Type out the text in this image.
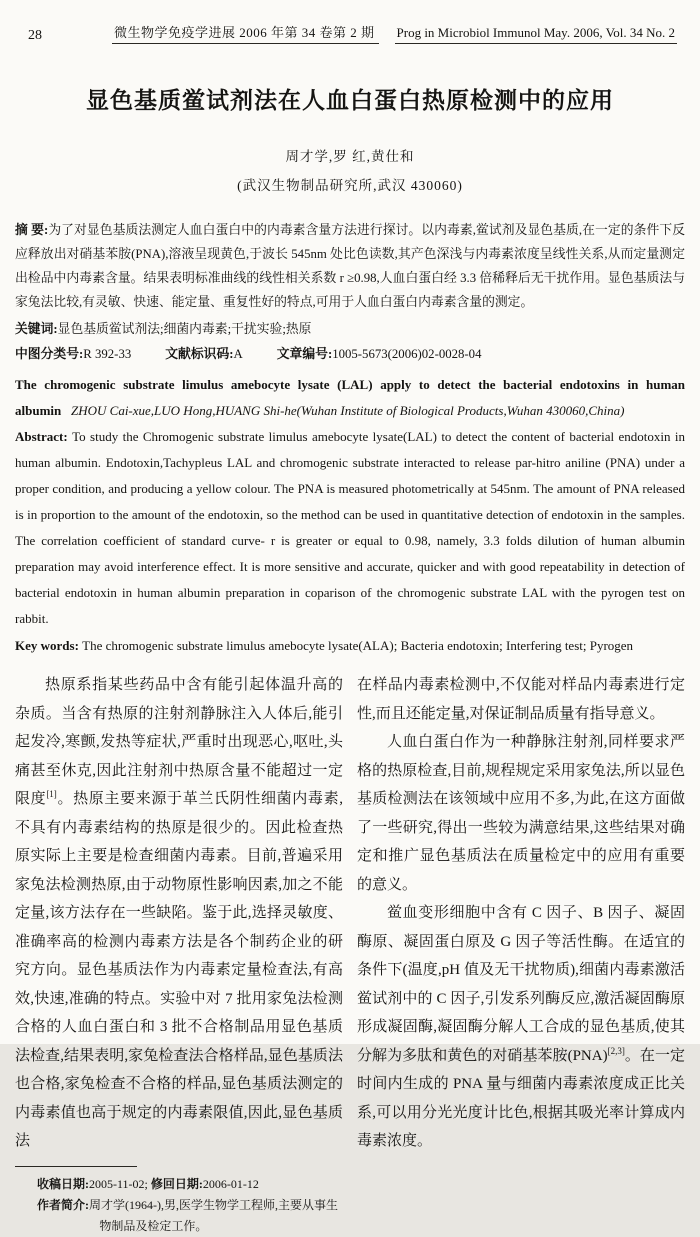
28	微生物学免疫学进展 2006 年第 34 卷第 2 期	Prog in Microbiol Immunol May. 2006, Vol. 34 No. 2
显色基质鲎试剂法在人血白蛋白热原检测中的应用

周才学,罗 红,黄仕和

(武汉生物制品研究所,武汉 430060)

摘 要:为了对显色基质法测定人血白蛋白中的内毒素含量方法进行探讨。以内毒素,鲎试剂及显色基质,在一定的条件下反应释放出对硝基苯胺(PNA),溶液呈现黄色,于波长 545nm 处比色读数,其产色深浅与内毒素浓度呈线性关系,从而定量测定出检品中内毒素含量。结果表明标准曲线的线性相关系数 r ≥0.98,人血白蛋白经 3.3 倍稀释后无干扰作用。显色基质法与家兔法比较,有灵敏、快速、能定量、重复性好的特点,可用于人血白蛋白内毒素含量的测定。

关键词:显色基质鲎试剂法;细菌内毒素;干扰实验;热原

中图分类号:R 392-33	文献标识码:A	文章编号:1005-5673(2006)02-0028-04

The chromogenic substrate limulus amebocyte lysate (LAL) apply to detect the bacterial endotoxins in human albumin ZHOU Cai-xue,LUO Hong,HUANG Shi-he(Wuhan Institute of Biological Products,Wuhan 430060,China)

Abstract: To study the Chromogenic substrate limulus amebocyte lysate(LAL) to detect the content of bacterial endotoxin in human albumin. Endotoxin,Tachypleus LAL and chromogenic substrate interacted to release par-hitro aniline (PNA) under a proper condition, and producing a yellow colour. The PNA is measured photometrically at 545nm. The amount of PNA released is in proportion to the amount of the endotoxin, so the method can be used in quantitative detection of endotoxin in the samples. The correlation coefficient of standard curve- r is greater or equal to 0.98, namely, 3.3 folds dilution of human albumin preparation may avoid interference effect. It is more sensitive and accurate, quicker and with good repeatability in detection of bacterial endotoxin in human albumin preparation in coparison of the chromogenic substrate LAL with the pyrogen test on rabbit.

Key words: The chromogenic substrate limulus amebocyte lysate(ALA); Bacteria endotoxin; Interfering test; Pyrogen

热原系指某些药品中含有能引起体温升高的杂质。当含有热原的注射剂静脉注入人体后,能引起发冷,寒颤,发热等症状,严重时出现恶心,呕吐,头痛甚至休克,因此注射剂中热原含量不能超过一定限度[1]。热原主要来源于革兰氏阴性细菌内毒素,不具有内毒素结构的热原是很少的。因此检查热原实际上主要是检查细菌内毒素。目前,普遍采用家兔法检测热原,由于动物原性影响因素,加之不能定量,该方法存在一些缺陷。鉴于此,选择灵敏度、准确率高的检测内毒素方法是各个制药企业的研究方向。显色基质法作为内毒素定量检查法,有高效,快速,准确的特点。实验中对 7 批用家兔法检测合格的人血白蛋白和 3 批不合格制品用显色基质法检查,结果表明,家兔检查法合格样品,显色基质法也合格,家兔检查不合格的样品,显色基质法测定的内毒素值也高于规定的内毒素限值,因此,显色基质法

在样品内毒素检测中,不仅能对样品内毒素进行定性,而且还能定量,对保证制品质量有指导意义。

人血白蛋白作为一种静脉注射剂,同样要求严格的热原检查,目前,规程规定采用家兔法,所以显色基质检测法在该领域中应用不多,为此,在这方面做了一些研究,得出一些较为满意结果,这些结果对确定和推广显色基质法在质量检定中的应用有重要的意义。

鲎血变形细胞中含有 C 因子、B 因子、凝固酶原、凝固蛋白原及 G 因子等活性酶。在适宜的条件下(温度,pH 值及无干扰物质),细菌内毒素激活鲎试剂中的 C 因子,引发系列酶反应,激活凝固酶原形成凝固酶,凝固酶分解人工合成的显色基质,使其分解为多肽和黄色的对硝基苯胺(PNA)[2,3]。在一定时间内生成的 PNA 量与细菌内毒素浓度成正比关系,可以用分光光度计比色,根据其吸光率计算成内毒素浓度。

收稿日期:2005-11-02; 修回日期:2006-01-12

作者简介:周才学(1964-),男,医学生物学工程师,主要从事生物制品及检定工作。
